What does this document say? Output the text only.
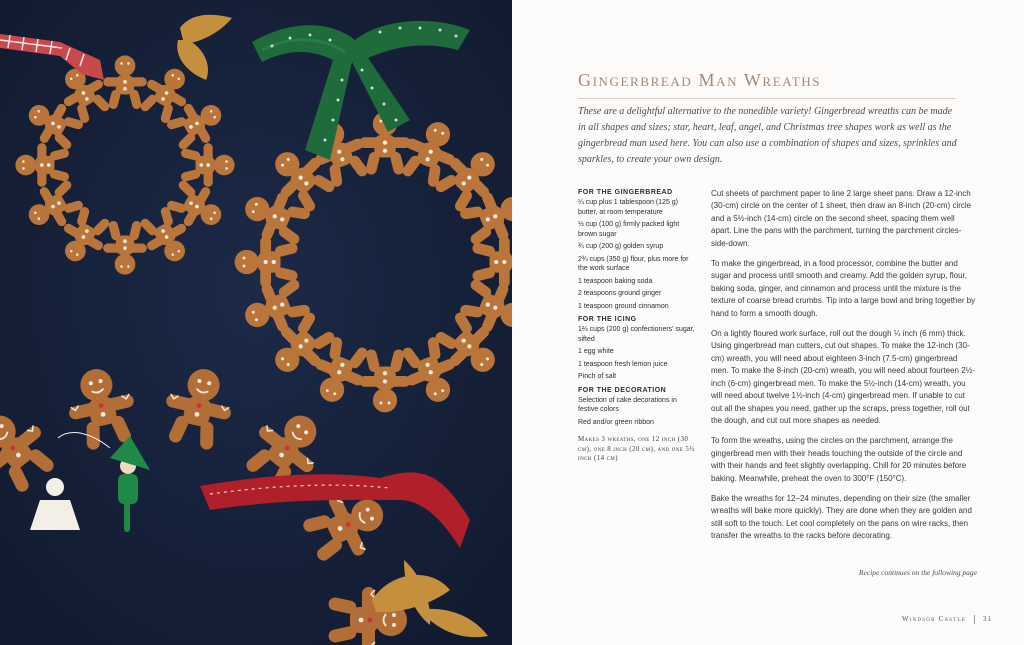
Gingerbread Man Wreaths

These are a delightful alternative to the nonedible variety! Gingerbread wreaths can be made in all shapes and sizes; star, heart, leaf, angel, and Christmas tree shapes work as well as the gingerbread man used here. You can also use a combination of shapes and sizes, sprinkles and sparkles, to create your own design.

FOR THE GINGERBREAD

¼ cup plus 1 tablespoon (125 g) butter, at room temperature
½ cup (100 g) firmly packed light brown sugar
¾ cup (200 g) golden syrup
2¾ cups (350 g) flour, plus more for the work surface
1 teaspoon baking soda
2 teaspoons ground ginger
1 teaspoon ground cinnamon

FOR THE ICING

1⅔ cups (200 g) confectioners' sugar, sifted
1 egg white
1 teaspoon fresh lemon juice
Pinch of salt

FOR THE DECORATION

Selection of cake decorations in festive colors
Red and/or green ribbon
Makes 3 wreaths, one 12 inch (30 cm), one 8 inch (20 cm), and one 5½ inch (14 cm)

Cut sheets of parchment paper to line 2 large sheet pans. Draw a 12-inch (30-cm) circle on the center of 1 sheet, then draw an 8-inch (20-cm) circle and a 5½-inch (14-cm) circle on the second sheet, spacing them well apart. Line the pans with the parchment, turning the parchment circles-side-down.

To make the gingerbread, in a food processor, combine the butter and sugar and process until smooth and creamy. Add the golden syrup, flour, baking soda, ginger, and cinnamon and process until the mixture is the texture of coarse bread crumbs. Tip into a large bowl and bring together by hand to form a smooth dough.

On a lightly floured work surface, roll out the dough ¼ inch (6 mm) thick. Using gingerbread man cutters, cut out shapes. To make the 12-inch (30-cm) wreath, you will need about eighteen 3-inch (7.5-cm) gingerbread men. To make the 8-inch (20-cm) wreath, you will need about fourteen 2½-inch (6-cm) gingerbread men. To make the 5½-inch (14-cm) wreath, you will need about twelve 1½-inch (4-cm) gingerbread men. If unable to cut out all the shapes you need, gather up the scraps, press together, roll out the dough, and cut out more shapes as needed.

To form the wreaths, using the circles on the parchment, arrange the gingerbread men with their heads touching the outside of the circle and with their hands and feet slightly overlapping. Chill for 20 minutes before baking. Meanwhile, preheat the oven to 300°F (150°C).

Bake the wreaths for 12–24 minutes, depending on their size (the smaller wreaths will bake more quickly). They are done when they are golden and still soft to the touch. Let cool completely on the pans on wire racks, then transfer the wreaths to the racks before decorating.

Recipe continues on the following page
Windsor Castle 31
